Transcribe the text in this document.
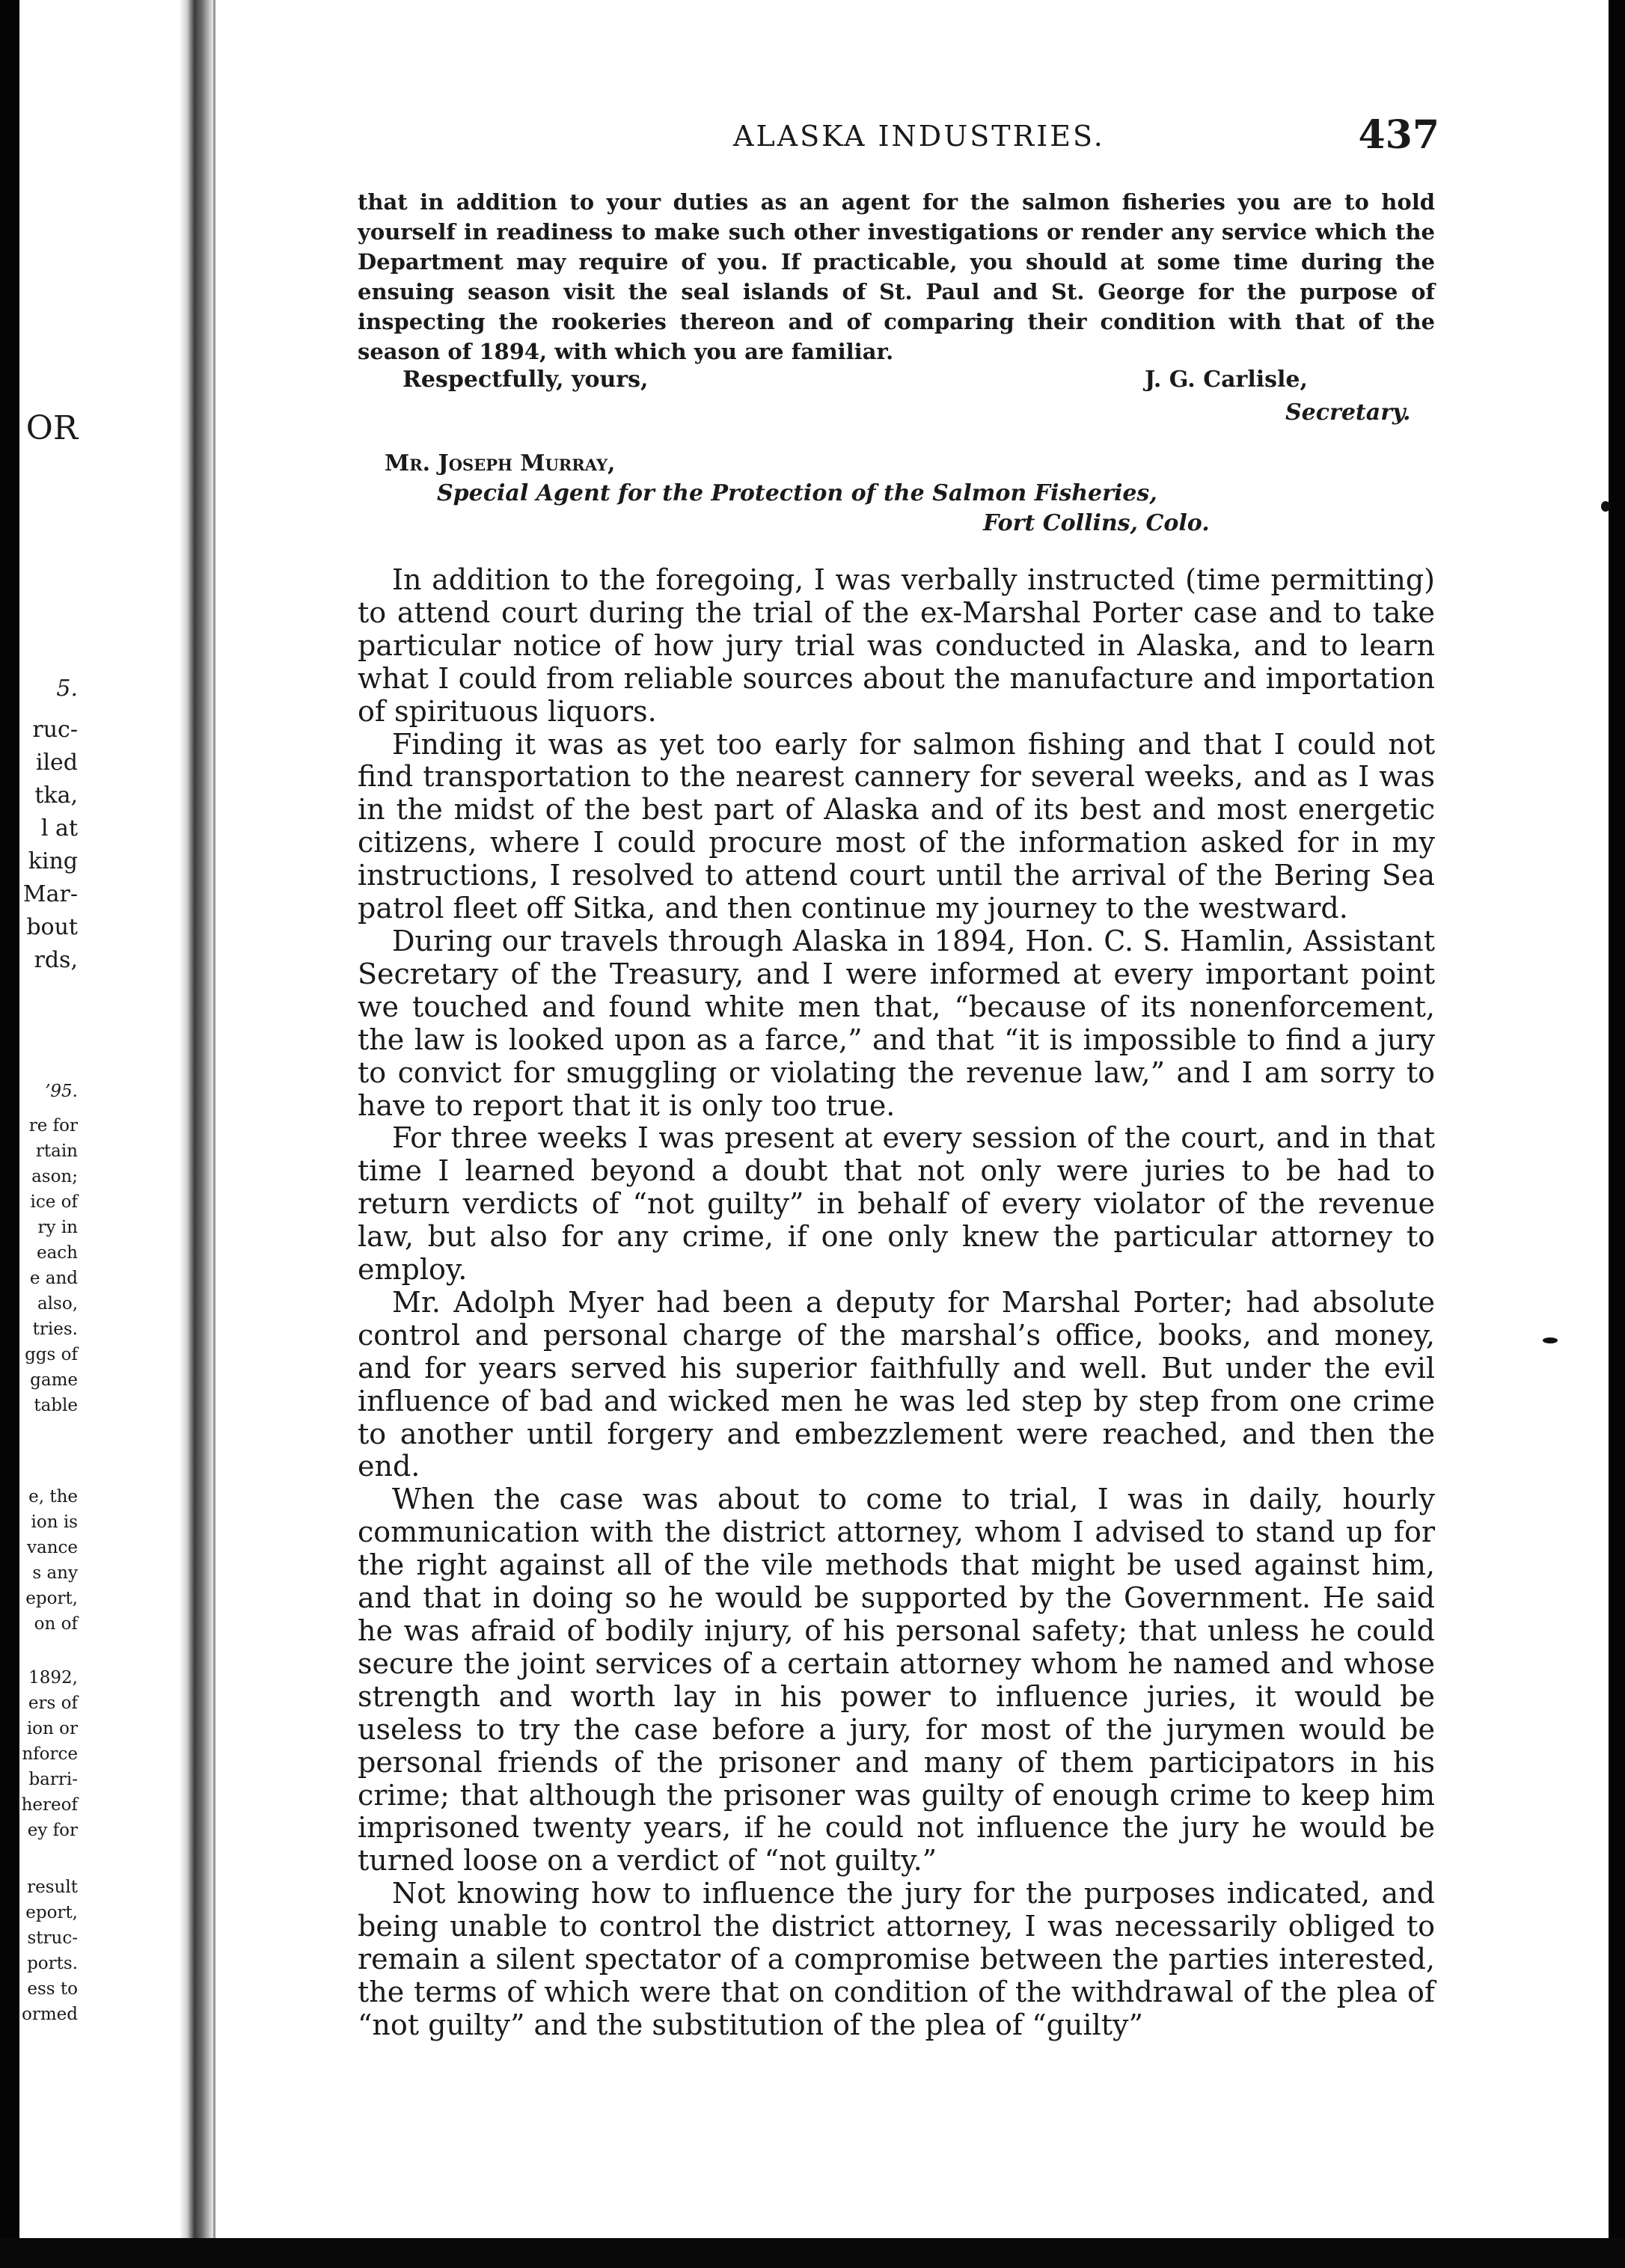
OR
5.
ruc-
iled
tka,
l at
king
Mar-
bout
rds,
’95.
re for
rtain
ason;
ice of
ry in
each
e and
also,
tries.
ggs of
game
table
e, the
ion is
vance
s any
eport,
on of
1892,
ers of
ion or
nforce
barri-
hereof
ey for
result
eport,
struc-
ports.
ess to
ormed
ALASKA INDUSTRIES.	437

that in addition to your duties as an agent for the salmon fisheries you are to hold yourself in readiness to make such other investigations or render any service which the Department may require of you. If practicable, you should at some time during the ensuing season visit the seal islands of St. Paul and St. George for the purpose of inspecting the rookeries thereon and of comparing their condition with that of the season of 1894, with which you are familiar.

Respectfully, yours,	J. G. Carlisle,
Secretary.
Mr. Joseph Murray,
Special Agent for the Protection of the Salmon Fisheries,
Fort Collins, Colo.

In addition to the foregoing, I was verbally instructed (time permitting) to attend court during the trial of the ex-Marshal Porter case and to take particular notice of how jury trial was conducted in Alaska, and to learn what I could from reliable sources about the manufacture and importation of spirituous liquors.

Finding it was as yet too early for salmon fishing and that I could not find transportation to the nearest cannery for several weeks, and as I was in the midst of the best part of Alaska and of its best and most energetic citizens, where I could procure most of the information asked for in my instructions, I resolved to attend court until the arrival of the Bering Sea patrol fleet off Sitka, and then continue my journey to the westward.

During our travels through Alaska in 1894, Hon. C. S. Hamlin, Assistant Secretary of the Treasury, and I were informed at every important point we touched and found white men that, “because of its nonenforcement, the law is looked upon as a farce,” and that “it is impossible to find a jury to convict for smuggling or violating the revenue law,” and I am sorry to have to report that it is only too true.

For three weeks I was present at every session of the court, and in that time I learned beyond a doubt that not only were juries to be had to return verdicts of “not guilty” in behalf of every violator of the revenue law, but also for any crime, if one only knew the particular attorney to employ.

Mr. Adolph Myer had been a deputy for Marshal Porter; had absolute control and personal charge of the marshal’s office, books, and money, and for years served his superior faithfully and well. But under the evil influence of bad and wicked men he was led step by step from one crime to another until forgery and embezzlement were reached, and then the end.

When the case was about to come to trial, I was in daily, hourly communication with the district attorney, whom I advised to stand up for the right against all of the vile methods that might be used against him, and that in doing so he would be supported by the Government. He said he was afraid of bodily injury, of his personal safety; that unless he could secure the joint services of a certain attorney whom he named and whose strength and worth lay in his power to influence juries, it would be useless to try the case before a jury, for most of the jurymen would be personal friends of the prisoner and many of them participators in his crime; that although the prisoner was guilty of enough crime to keep him imprisoned twenty years, if he could not influence the jury he would be turned loose on a verdict of “not guilty.”

Not knowing how to influence the jury for the purposes indicated, and being unable to control the district attorney, I was necessarily obliged to remain a silent spectator of a compromise between the parties interested, the terms of which were that on condition of the withdrawal of the plea of “not guilty” and the substitution of the plea of “guilty”
